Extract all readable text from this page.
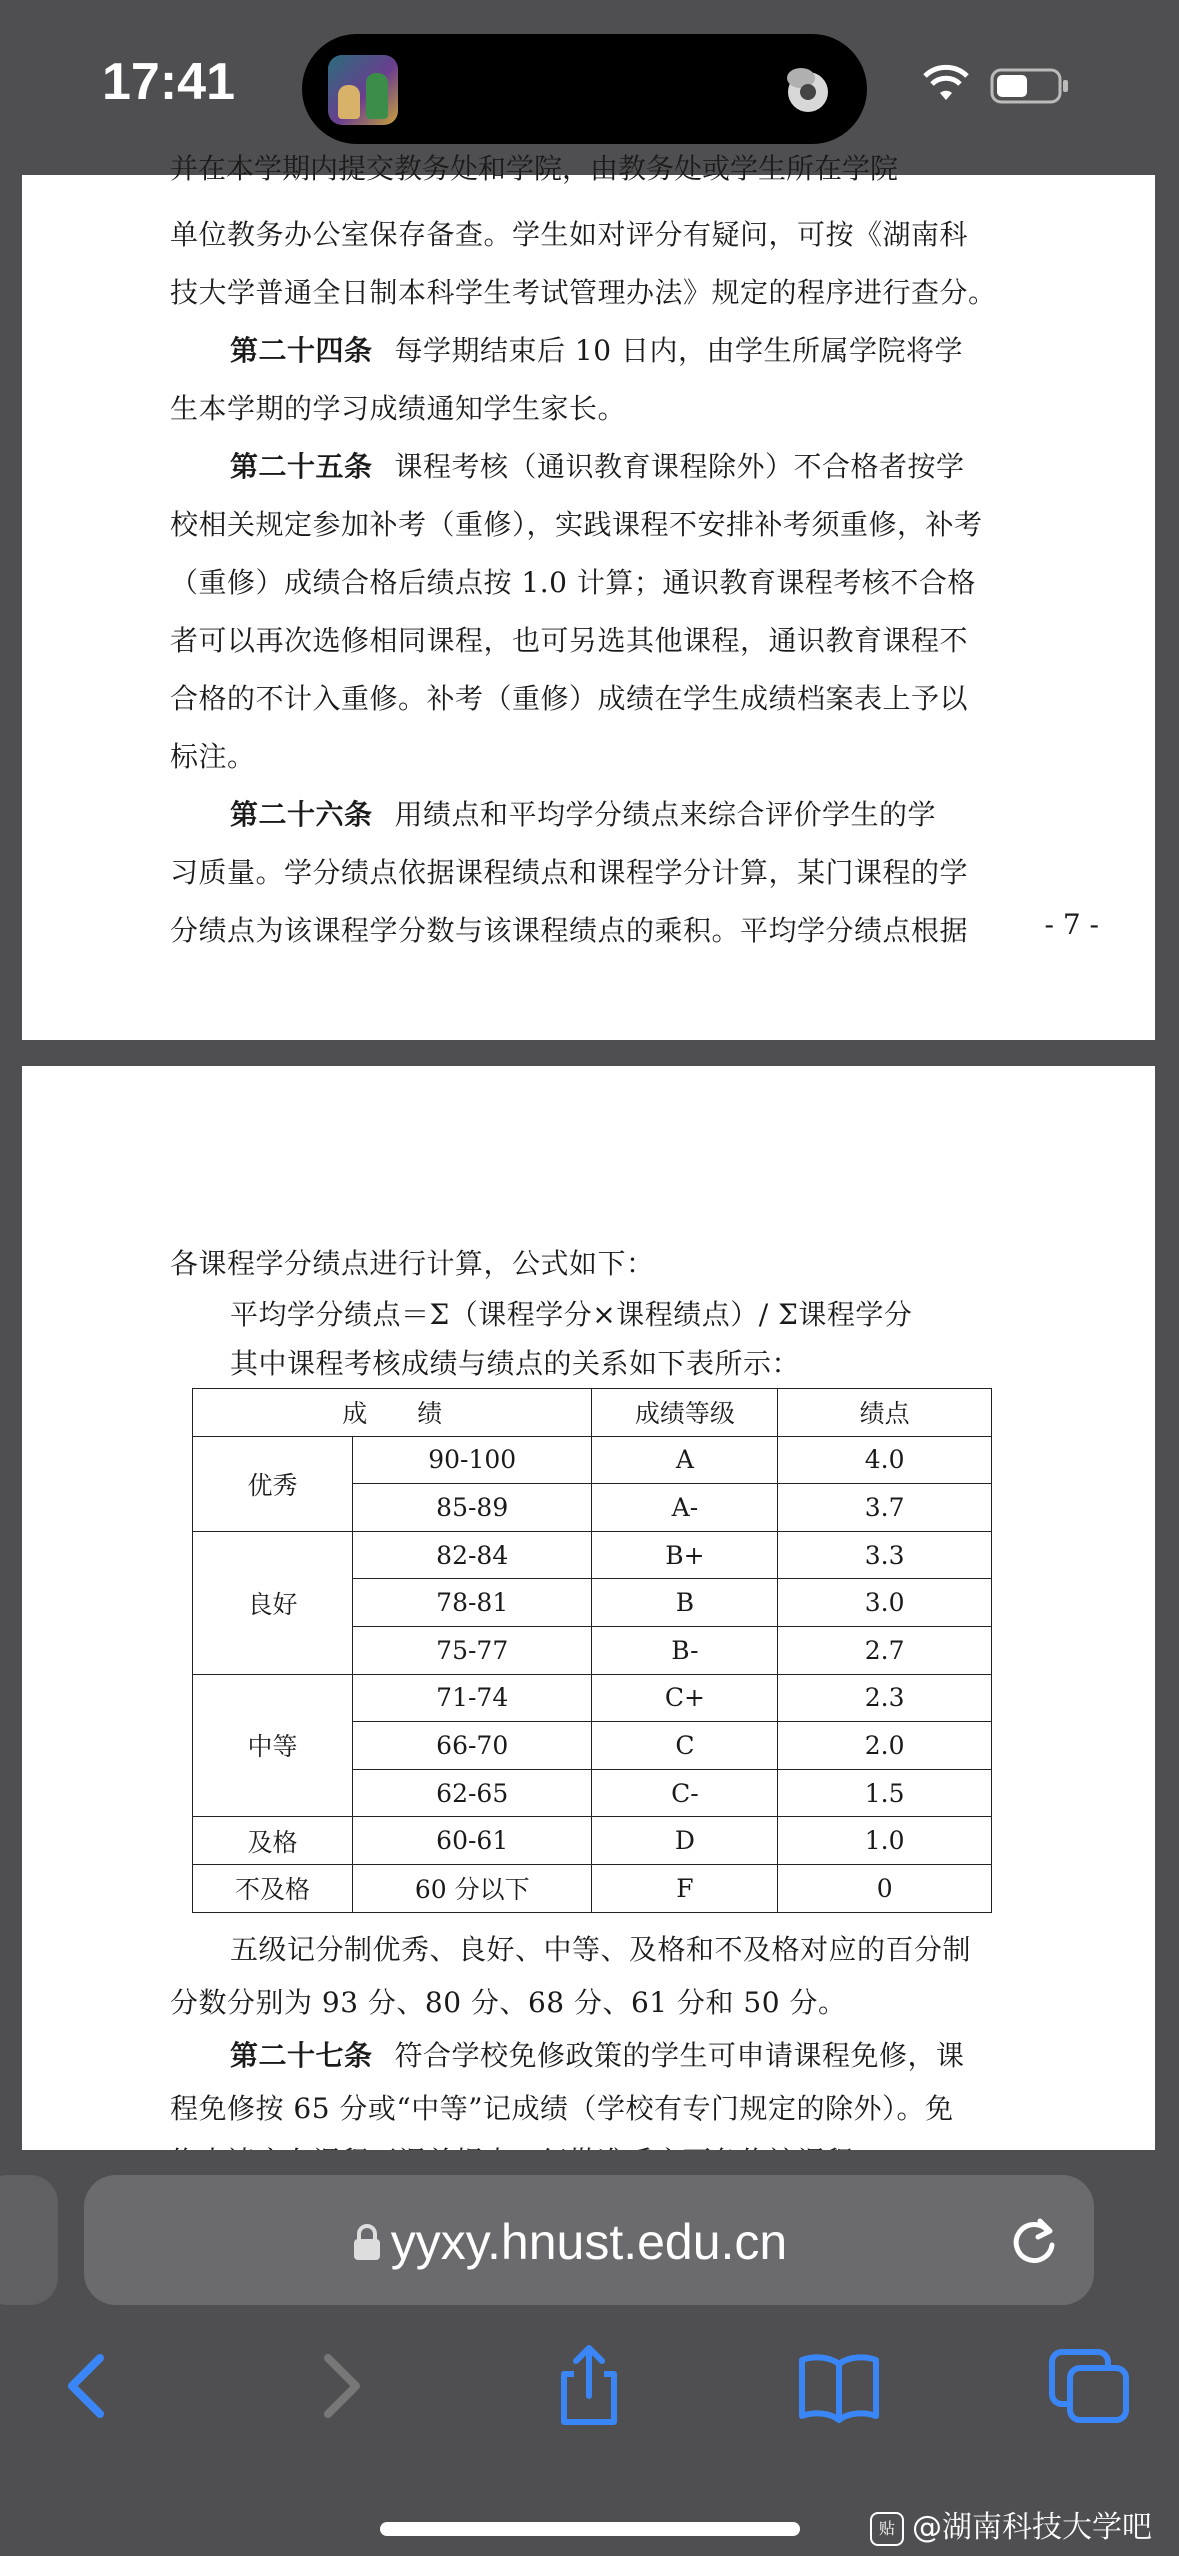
17:41
并在本学期内提交教务处和学院，由教务处或学生所在学院
单位教务办公室保存备查。学生如对评分有疑问，可按《湖南科
技大学普通全日制本科学生考试管理办法》规定的程序进行查分。
第二十四条 每学期结束后 10 日内，由学生所属学院将学
生本学期的学习成绩通知学生家长。
第二十五条 课程考核（通识教育课程除外）不合格者按学
校相关规定参加补考（重修），实践课程不安排补考须重修，补考
（重修）成绩合格后绩点按 1.0 计算；通识教育课程考核不合格
者可以再次选修相同课程，也可另选其他课程，通识教育课程不
合格的不计入重修。补考（重修）成绩在学生成绩档案表上予以
标注。
第二十六条 用绩点和平均学分绩点来综合评价学生的学
习质量。学分绩点依据课程绩点和课程学分计算，某门课程的学
分绩点为该课程学分数与该课程绩点的乘积。平均学分绩点根据	- 7 -
各课程学分绩点进行计算，公式如下：
平均学分绩点＝Σ（课程学分×课程绩点）/ Σ课程学分
其中课程考核成绩与绩点的关系如下表所示：
成　　绩		成绩等级	绩点
优秀	90-100	A	4.0
	85-89	A-	3.7
良好	82-84	B+	3.3
	78-81	B	3.0
	75-77	B-	2.7
中等	71-74	C+	2.3
	66-70	C	2.0
	62-65	C-	1.5
及格	60-61	D	1.0
不及格	60 分以下	F	0
五级记分制优秀、良好、中等、及格和不及格对应的百分制
分数分别为 93 分、80 分、68 分、61 分和 50 分。
第二十七条 符合学校免修政策的学生可申请课程免修，课
程免修按 65 分或“中等”记成绩（学校有专门规定的除外）。免
yyxy.hnust.edu.cn
贴 @湖南科技大学吧
